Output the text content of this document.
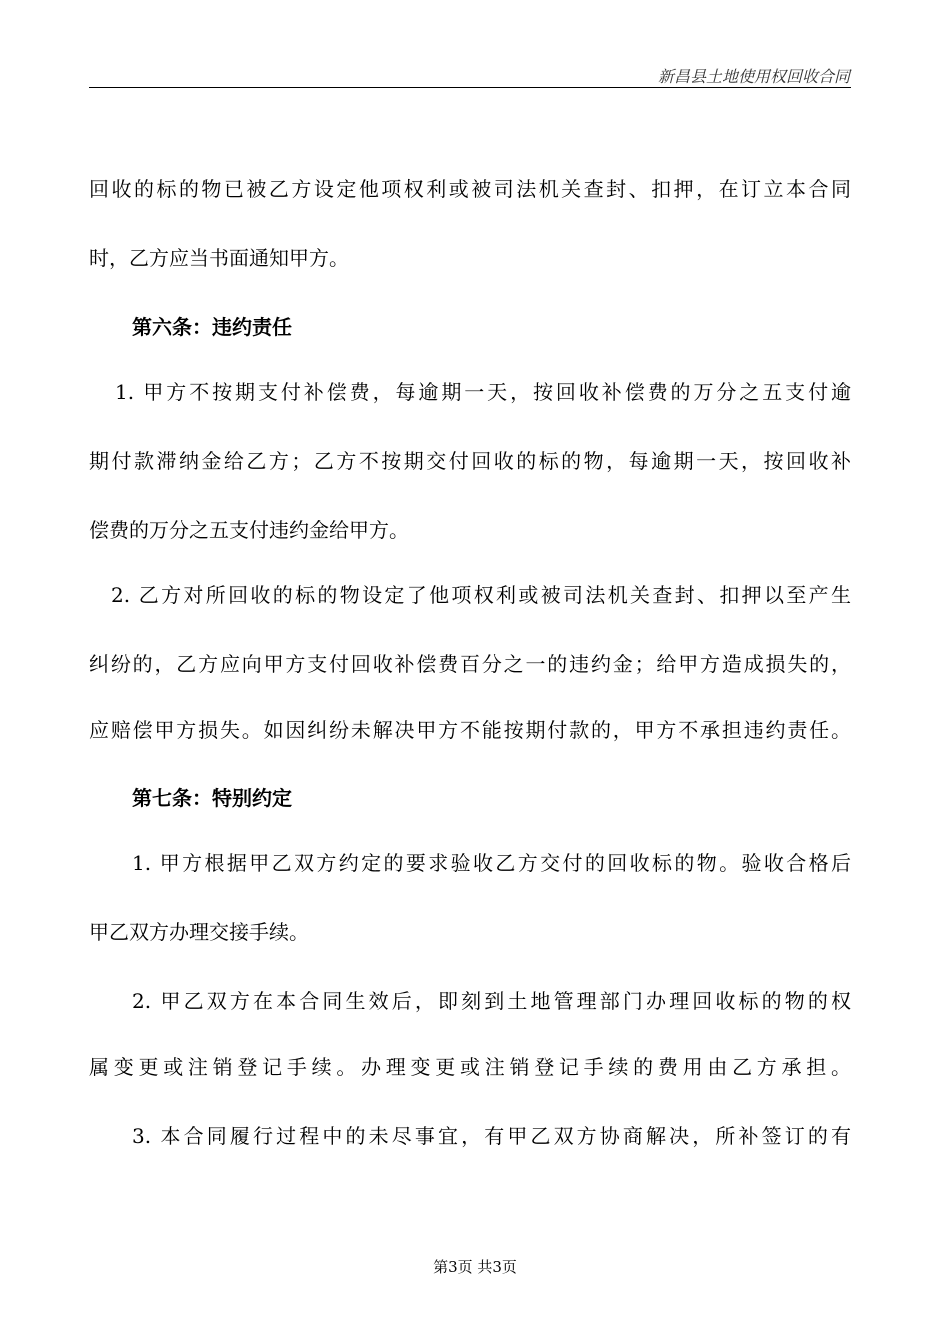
新昌县土地使用权回收合同
回收的标的物已被乙方设定他项权利或被司法机关查封、扣押，在订立本合同
时，乙方应当书面通知甲方。
第六条：违约责任
1. 甲方不按期支付补偿费，每逾期一天，按回收补偿费的万分之五支付逾
期付款滞纳金给乙方；乙方不按期交付回收的标的物，每逾期一天，按回收补
偿费的万分之五支付违约金给甲方。
2. 乙方对所回收的标的物设定了他项权利或被司法机关查封、扣押以至产生
纠纷的，乙方应向甲方支付回收补偿费百分之一的违约金；给甲方造成损失的，
应赔偿甲方损失。如因纠纷未解决甲方不能按期付款的，甲方不承担违约责任。
第七条：特别约定
1. 甲方根据甲乙双方约定的要求验收乙方交付的回收标的物。验收合格后
甲乙双方办理交接手续。
2. 甲乙双方在本合同生效后，即刻到土地管理部门办理回收标的物的权
属变更或注销登记手续。办理变更或注销登记手续的费用由乙方承担。
3. 本合同履行过程中的未尽事宜，有甲乙双方协商解决，所补签订的有
第3页 共3页
